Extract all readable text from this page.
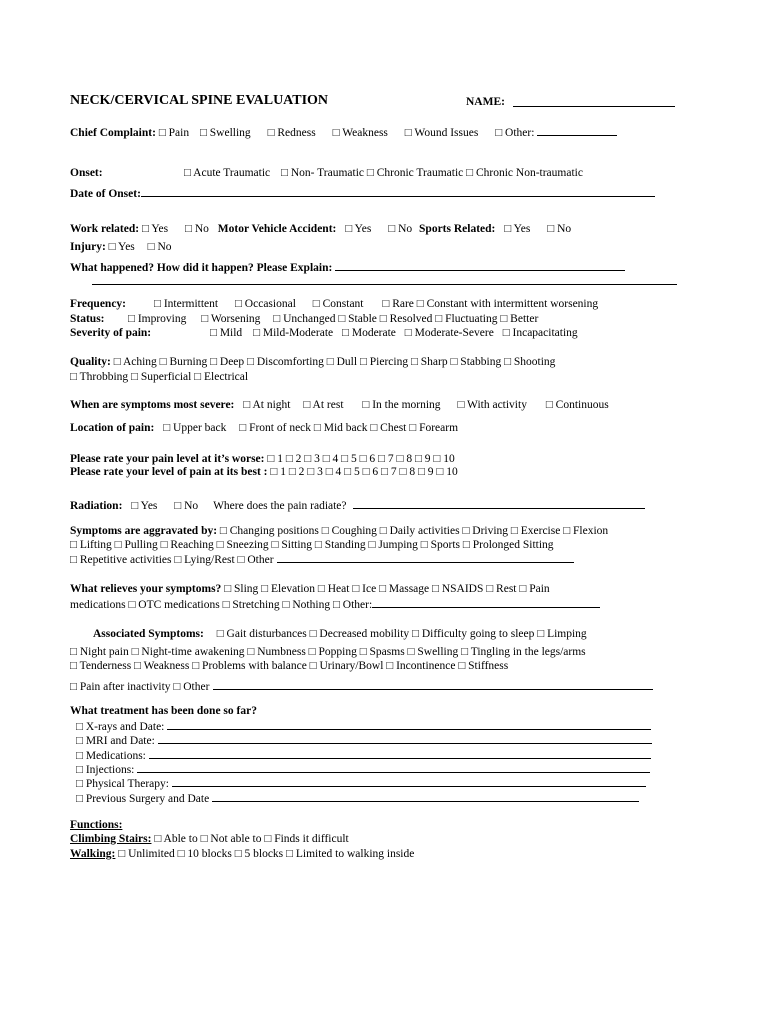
NECK/CERVICAL SPINE EVALUATION	NAME:
Chief Complaint: □ Pain □ Swelling □ Redness □ Weakness □ Wound Issues □ Other:
Onset:	□ Acute Traumatic □ Non- Traumatic □ Chronic Traumatic □ Chronic Non-traumatic
Date of Onset:
Work related: □ Yes □ No Motor Vehicle Accident: □ Yes □ No Sports Related: □ Yes □ No
Injury: □ Yes □ No
What happened? How did it happen? Please Explain:
Frequency: □ Intermittent □ Occasional □ Constant □ Rare □ Constant with intermittent worsening
Status: □ Improving □ Worsening □ Unchanged □ Stable □ Resolved □ Fluctuating □ Better
Severity of pain:	□ Mild □ Mild-Moderate □ Moderate □ Moderate-Severe □ Incapacitating
Quality: □ Aching □ Burning □ Deep □ Discomforting □ Dull □ Piercing □ Sharp □ Stabbing □ Shooting
□ Throbbing □ Superficial □ Electrical
When are symptoms most severe: □ At night □ At rest □ In the morning □ With activity □ Continuous
Location of pain: □ Upper back □ Front of neck □ Mid back □ Chest □ Forearm
Please rate your pain level at it’s worse: □ 1 □ 2 □ 3 □ 4 □ 5 □ 6 □ 7 □ 8 □ 9 □ 10
Please rate your level of pain at its best : □ 1 □ 2 □ 3 □ 4 □ 5 □ 6 □ 7 □ 8 □ 9 □ 10
Radiation: □ Yes □ No Where does the pain radiate?
Symptoms are aggravated by: □ Changing positions □ Coughing □ Daily activities □ Driving □ Exercise □ Flexion
□ Lifting □ Pulling □ Reaching □ Sneezing □ Sitting □ Standing □ Jumping □ Sports □ Prolonged Sitting
□ Repetitive activities □ Lying/Rest □ Other
What relieves your symptoms? □ Sling □ Elevation □ Heat □ Ice □ Massage □ NSAIDS □ Rest □ Pain
medications □ OTC medications □ Stretching □ Nothing □ Other:
Associated Symptoms: □ Gait disturbances □ Decreased mobility □ Difficulty going to sleep □ Limping
□ Night pain □ Night-time awakening □ Numbness □ Popping □ Spasms □ Swelling □ Tingling in the legs/arms
□ Tenderness □ Weakness □ Problems with balance □ Urinary/Bowl □ Incontinence □ Stiffness
□ Pain after inactivity □ Other
What treatment has been done so far?
□ X-rays and Date:
□ MRI and Date:
□ Medications:
□ Injections:
□ Physical Therapy:
□ Previous Surgery and Date
Functions:
Climbing Stairs: □ Able to □ Not able to □ Finds it difficult
Walking: □ Unlimited □ 10 blocks □ 5 blocks □ Limited to walking inside
